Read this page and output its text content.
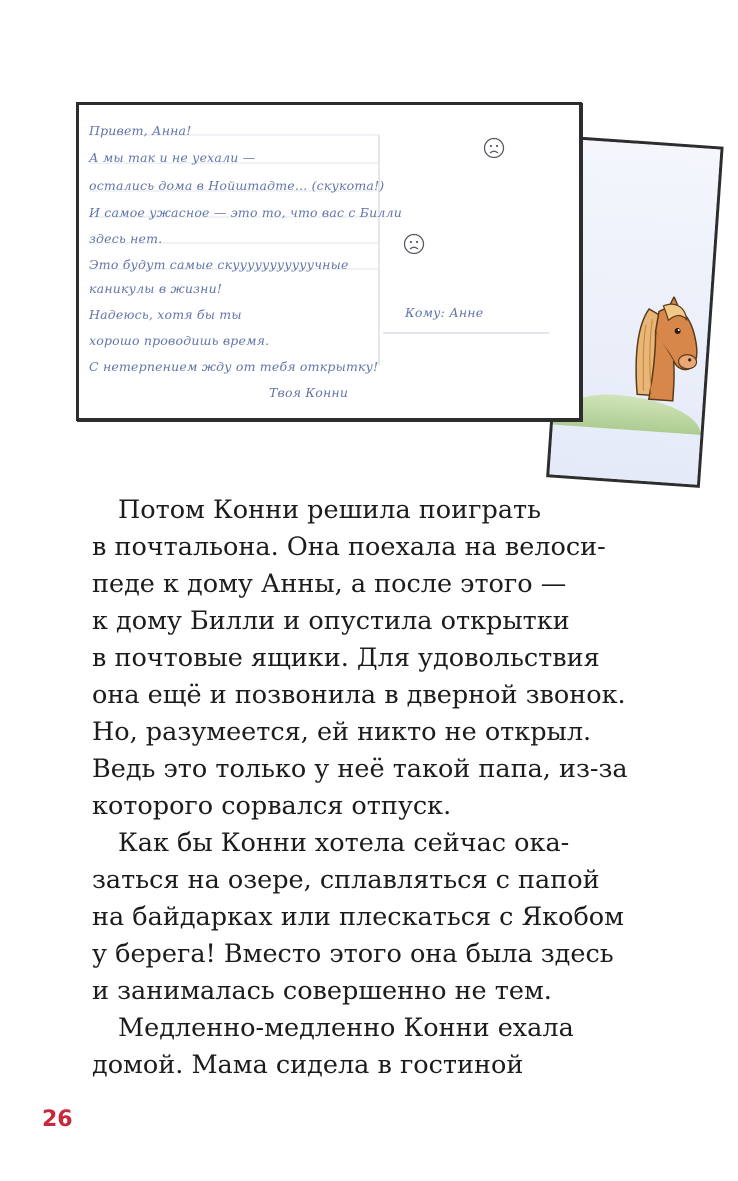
Привет, Анна!
А мы так и не уехали —
остались дома в Нойштадте... (скукота!)
И самое ужасное — это то, что вас с Билли
здесь нет.
Это будут самые скууууууууууучные
каникулы в жизни!
Надеюсь, хотя бы ты
хорошо проводишь время.
С нетерпением жду от тебя открытку!
Твоя Конни
Кому: Анне
Потом Конни решила поиграть
в почтальона. Она поехала на велоси-
педе к дому Анны, а после этого —
к дому Билли и опустила открытки
в почтовые ящики. Для удовольствия
она ещё и позвонила в дверной звонок.
Но, разумеется, ей никто не открыл.
Ведь это только у неё такой папа, из-за
которого сорвался отпуск.
Как бы Конни хотела сейчас ока-
заться на озере, сплавляться с папой
на байдарках или плескаться с Якобом
у берега! Вместо этого она была здесь
и занималась совершенно не тем.
Медленно-медленно Конни ехала
домой. Мама сидела в гостиной
26
